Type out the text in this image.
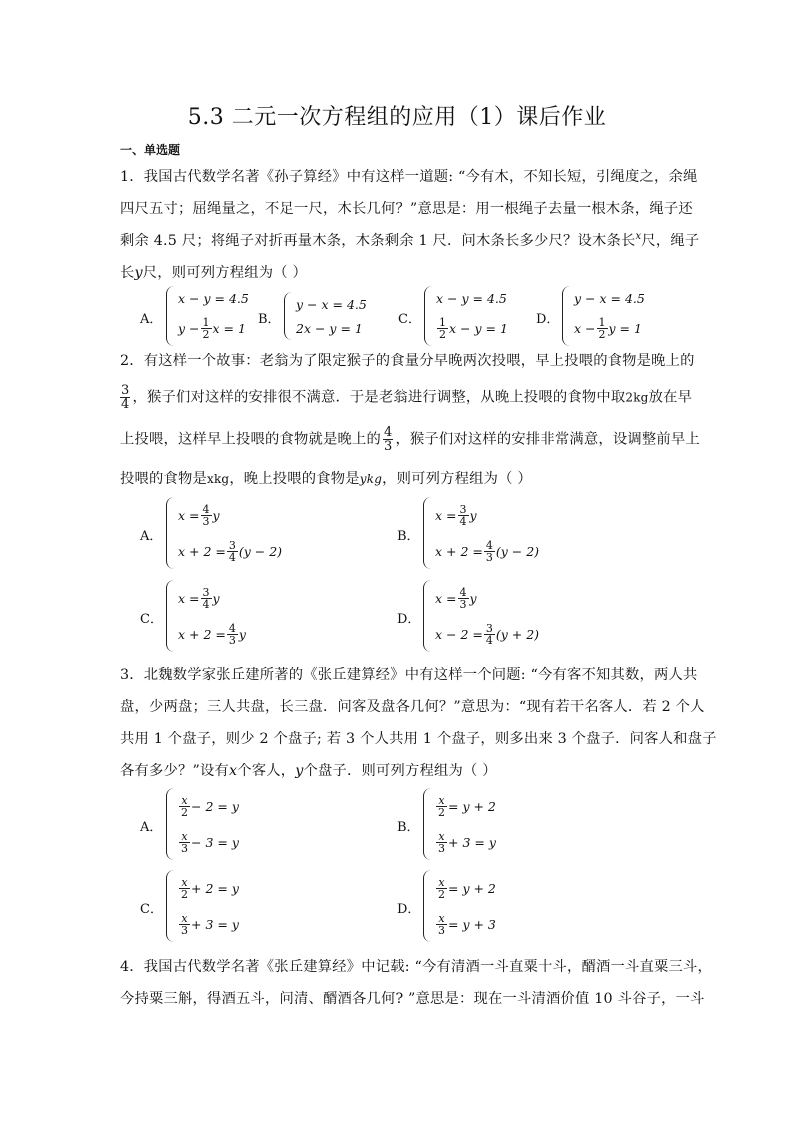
5.3 二元一次方程组的应用（1）课后作业
一、单选题
1．我国古代数学名著《孙子算经》中有这样一道题: “今有木，不知长短，引绳度之，余绳
四尺五寸；屈绳量之，不足一尺，木长几何？”意思是：用一根绳子去量一根木条，绳子还
剩余 4.5 尺；将绳子对折再量木条，木条剩余 1 尺．问木条长多少尺？设木条长$^x$尺，绳子
长y尺，则可列方程组为（ ）
A．
x − y = 4.5
$y - \frac{1}{2}$ x = 1
B．
y − x = 4.5
2x − y = 1
C．
x − y = 4.5
$\frac{1}{2}$ x − y = 1
D．
y − x = 4.5
$x - \frac{1}{2}$ y = 1
2．有这样一个故事：老翁为了限定猴子的食量分早晚两次投喂，早上投喂的食物是晚上的
$\frac{3}{4}$ ，猴子们对这样的安排很不满意．于是老翁进行调整，从晚上投喂的食物中取2kg放在早
上投喂，这样早上投喂的食物就是晚上的 $\frac{4}{3}$ ，猴子们对这样的安排非常满意，设调整前早上
投喂的食物是xkg，晚上投喂的食物是ykg，则可列方程组为（ ）
A．
$x = \frac{4}{3}$ y
$x + 2 = \frac{3}{4} (y - 2)$
B．
$x = \frac{3}{4}$ y
$x + 2 = \frac{4}{3} (y - 2)$
C．
$x = \frac{3}{4}$ y
$x + 2 = \frac{4}{3}$ y
D．
$x = \frac{4}{3}$ y
$x - 2 = \frac{3}{4} (y + 2)$
3．北魏数学家张丘建所著的《张丘建算经》中有这样一个问题: “今有客不知其数，两人共
盘，少两盘；三人共盘，长三盘．问客及盘各几何？”意思为：“现有若干名客人．若 2 个人
共用 1 个盘子，则少 2 个盘子; 若 3 个人共用 1 个盘子，则多出来 3 个盘子．问客人和盘子
各有多少？”设有x个客人，y个盘子．则可列方程组为（ ）
A．
$\frac{x}{2} - 2 = y$
$\frac{x}{3} - 3 = y$
B．
$\frac{x}{2} = y + 2$
$\frac{x}{3} + 3 = y$
C．
$\frac{x}{2} + 2 = y$
$\frac{x}{3} + 3 = y$
D．
$\frac{x}{2} = y + 2$
$\frac{x}{3} = y + 3$
4．我国古代数学名著《张丘建算经》中记载: “今有清酒一斗直粟十斗，醑酒一斗直粟三斗，
今持粟三斛，得酒五斗，问清、醑酒各几何? ”意思是：现在一斗清酒价值 10 斗谷子，一斗
